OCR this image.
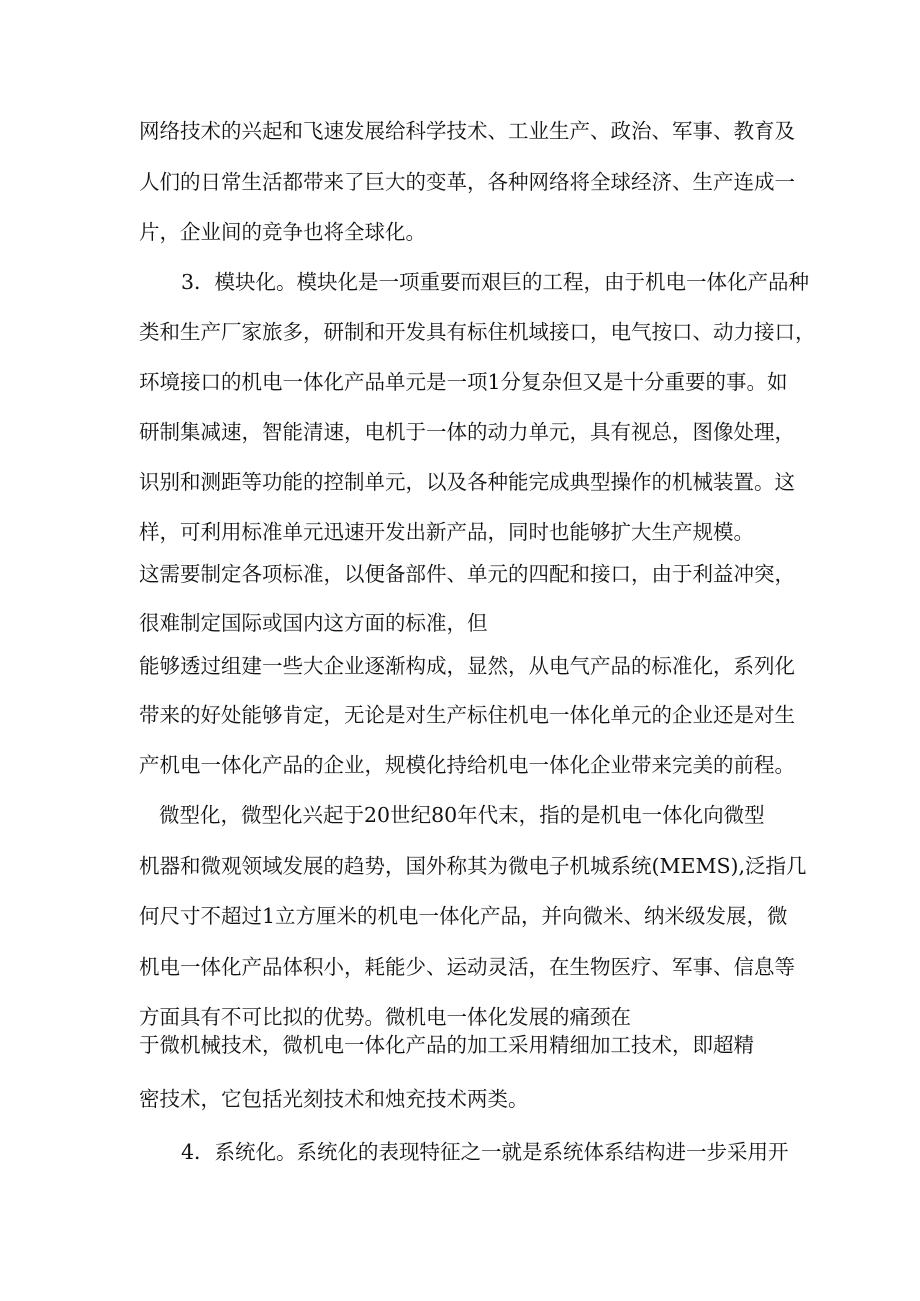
网络技术的兴起和飞速发展给科学技术、工业生产、政治、军事、教育及
人们的日常生活都带来了巨大的变革，各种网络将全球经济、生产连成一
片，企业间的竞争也将全球化。
3．模块化。模块化是一项重要而艰巨的工程，由于机电一体化产品种
类和生产厂家旅多，研制和开发具有标住机域接口，电气按口、动力接口，
环境接口的机电一体化产品单元是一项1分复杂但又是十分重要的事。如
研制集减速，智能清速，电机于一体的动力单元，具有视总，图像处理，
识别和测距等功能的控制单元，以及各种能完成典型操作的机械装置。这
样，可利用标准单元迅速开发出新产品，同时也能够扩大生产规模。
这需要制定各项标准，以便备部件、单元的四配和接口，由于利益冲突，
很难制定国际或国内这方面的标准，但
能够透过组建一些大企业逐渐构成，显然，从电气产品的标准化，系列化
带来的好处能够肯定，无论是对生产标住机电一体化单元的企业还是对生
产机电一体化产品的企业，规模化持给机电一体化企业带来完美的前程。
微型化，微型化兴起于20世纪80年代末，指的是机电一体化向微型
机器和微观领域发展的趋势，国外称其为微电子机城系统(MEMS),泛指几
何尺寸不超过1立方厘米的机电一体化产品，并向微米、纳米级发展，微
机电一体化产品体积小，耗能少、运动灵活，在生物医疗、军事、信息等
方面具有不可比拟的优势。微机电一体化发展的痛颈在
于微机械技术，微机电一体化产品的加工采用精细加工技术，即超精
密技术，它包括光刻技术和烛充技术两类。
4．系统化。系统化的表现特征之一就是系统体系结构进一步采用开
